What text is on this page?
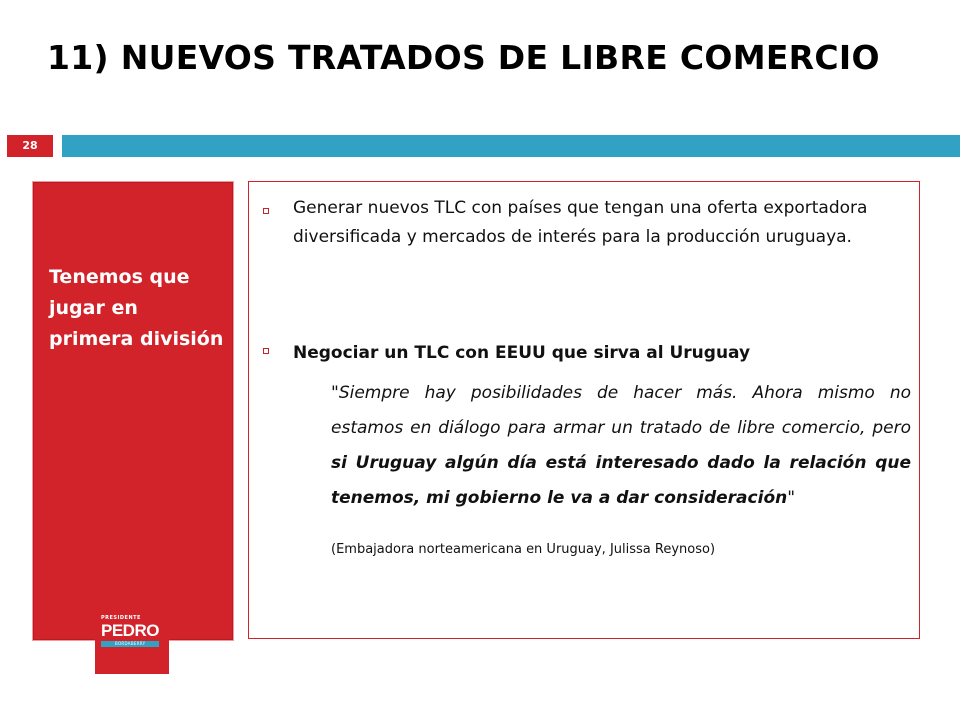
11) NUEVOS TRATADOS DE LIBRE COMERCIO
28
Tenemos que jugar en primera división
Generar nuevos TLC con países que tengan una oferta exportadora diversificada y mercados de interés para la producción uruguaya.
Negociar un TLC con EEUU que sirva al Uruguay
"Siempre hay posibilidades de hacer más. Ahora mismo no estamos en diálogo para armar un tratado de libre comercio, pero si Uruguay algún día está interesado dado la relación que tenemos, mi gobierno le va a dar consideración"
(Embajadora norteamericana en Uruguay, Julissa Reynoso)
PRESIDENTE
PEDRO
BORDABERRY
